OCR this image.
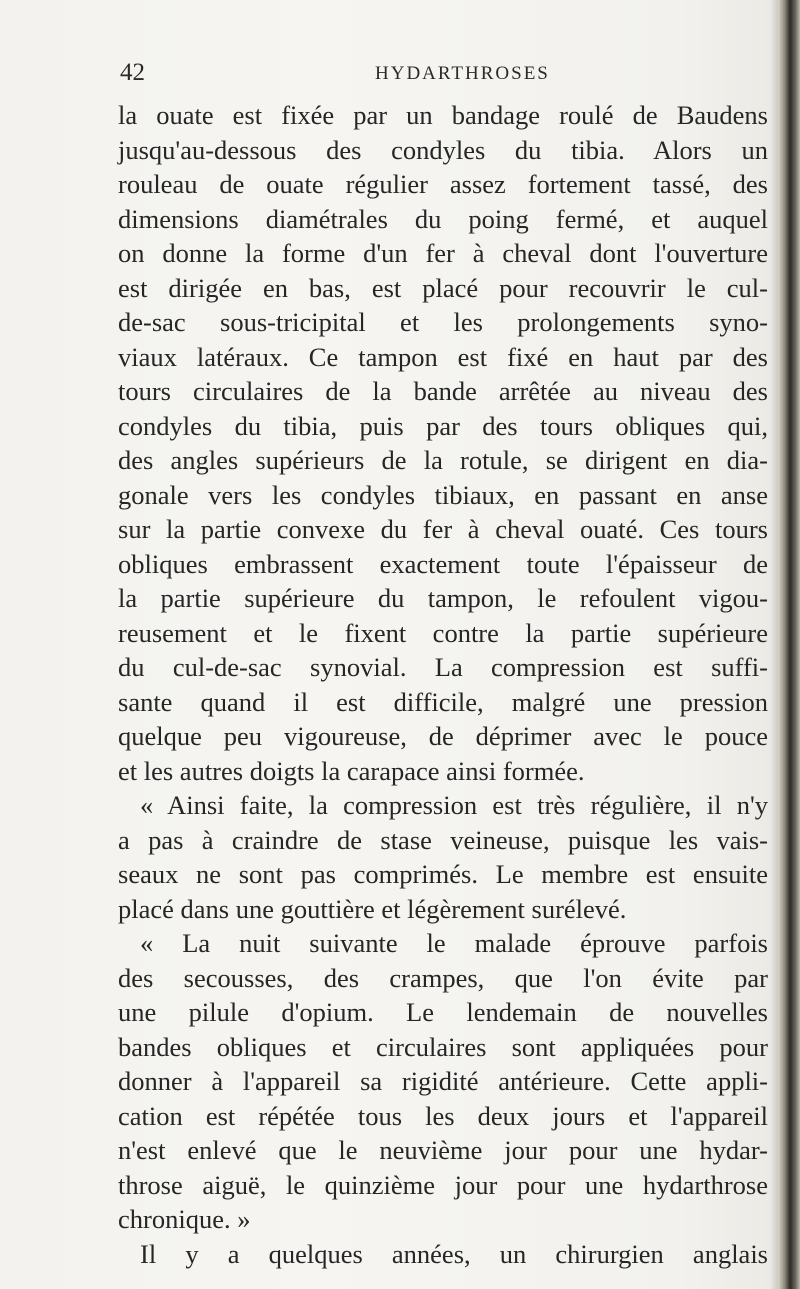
42	HYDARTHROSES
la ouate est fixée par un bandage roulé de Baudens
jusqu'au-dessous des condyles du tibia. Alors un
rouleau de ouate régulier assez fortement tassé, des
dimensions diamétrales du poing fermé, et auquel
on donne la forme d'un fer à cheval dont l'ouverture
est dirigée en bas, est placé pour recouvrir le cul-
de-sac sous-tricipital et les prolongements syno-
viaux latéraux. Ce tampon est fixé en haut par des
tours circulaires de la bande arrêtée au niveau des
condyles du tibia, puis par des tours obliques qui,
des angles supérieurs de la rotule, se dirigent en dia-
gonale vers les condyles tibiaux, en passant en anse
sur la partie convexe du fer à cheval ouaté. Ces tours
obliques embrassent exactement toute l'épaisseur de
la partie supérieure du tampon, le refoulent vigou-
reusement et le fixent contre la partie supérieure
du cul-de-sac synovial. La compression est suffi-
sante quand il est difficile, malgré une pression
quelque peu vigoureuse, de déprimer avec le pouce
et les autres doigts la carapace ainsi formée.
« Ainsi faite, la compression est très régulière, il n'y
a pas à craindre de stase veineuse, puisque les vais-
seaux ne sont pas comprimés. Le membre est ensuite
placé dans une gouttière et légèrement surélevé.
« La nuit suivante le malade éprouve parfois
des secousses, des crampes, que l'on évite par
une pilule d'opium. Le lendemain de nouvelles
bandes obliques et circulaires sont appliquées pour
donner à l'appareil sa rigidité antérieure. Cette appli-
cation est répétée tous les deux jours et l'appareil
n'est enlevé que le neuvième jour pour une hydar-
throse aiguë, le quinzième jour pour une hydarthrose
chronique. »
Il y a quelques années, un chirurgien anglais
